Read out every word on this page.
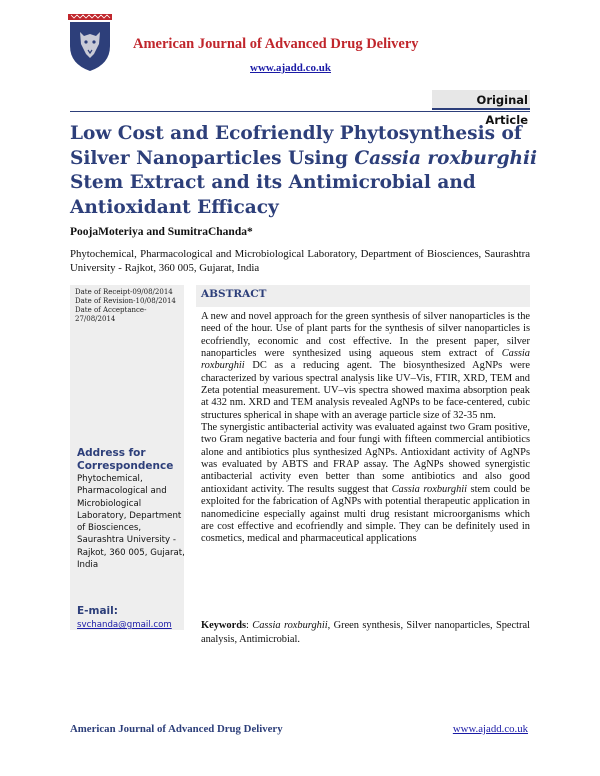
American Journal of Advanced Drug Delivery
www.ajadd.co.uk
Original Article
Low Cost and Ecofriendly Phytosynthesis of Silver Nanoparticles Using Cassia roxburghii Stem Extract and its Antimicrobial and Antioxidant Efficacy
PoojaMoteriya and SumitraChanda*
Phytochemical, Pharmacological and Microbiological Laboratory, Department of Biosciences, Saurashtra University - Rajkot, 360 005, Gujarat, India
Date of Receipt-09/08/2014
Date of Revision-10/08/2014
Date of Acceptance-27/08/2014
Address for Correspondence
Phytochemical, Pharmacological and Microbiological Laboratory, Department of Biosciences, Saurashtra University - Rajkot, 360 005, Gujarat, India
E-mail:
svchanda@gmail.com
ABSTRACT

A new and novel approach for the green synthesis of silver nanoparticles is the need of the hour. Use of plant parts for the synthesis of silver nanoparticles is ecofriendly, economic and cost effective. In the present paper, silver nanoparticles were synthesized using aqueous stem extract of Cassia roxburghii DC as a reducing agent. The biosynthesized AgNPs were characterized by various spectral analysis like UV–Vis, FTIR, XRD, TEM and Zeta potential measurement. UV–vis spectra showed maxima absorption peak at 432 nm. XRD and TEM analysis revealed AgNPs to be face-centered, cubic structures spherical in shape with an average particle size of 32-35 nm.

The synergistic antibacterial activity was evaluated against two Gram positive, two Gram negative bacteria and four fungi with fifteen commercial antibiotics alone and antibiotics plus synthesized AgNPs. Antioxidant activity of AgNPs was evaluated by ABTS and FRAP assay. The AgNPs showed synergistic antibacterial activity even better than some antibiotics and also good antioxidant activity. The results suggest that Cassia roxburghii stem could be exploited for the fabrication of AgNPs with potential therapeutic application in nanomedicine especially against multi drug resistant microorganisms which are cost effective and ecofriendly and simple. They can be definitely used in cosmetics, medical and pharmaceutical applications

Keywords: Cassia roxburghii, Green synthesis, Silver nanoparticles, Spectral analysis, Antimicrobial.
American Journal of Advanced Drug Delivery	www.ajadd.co.uk
